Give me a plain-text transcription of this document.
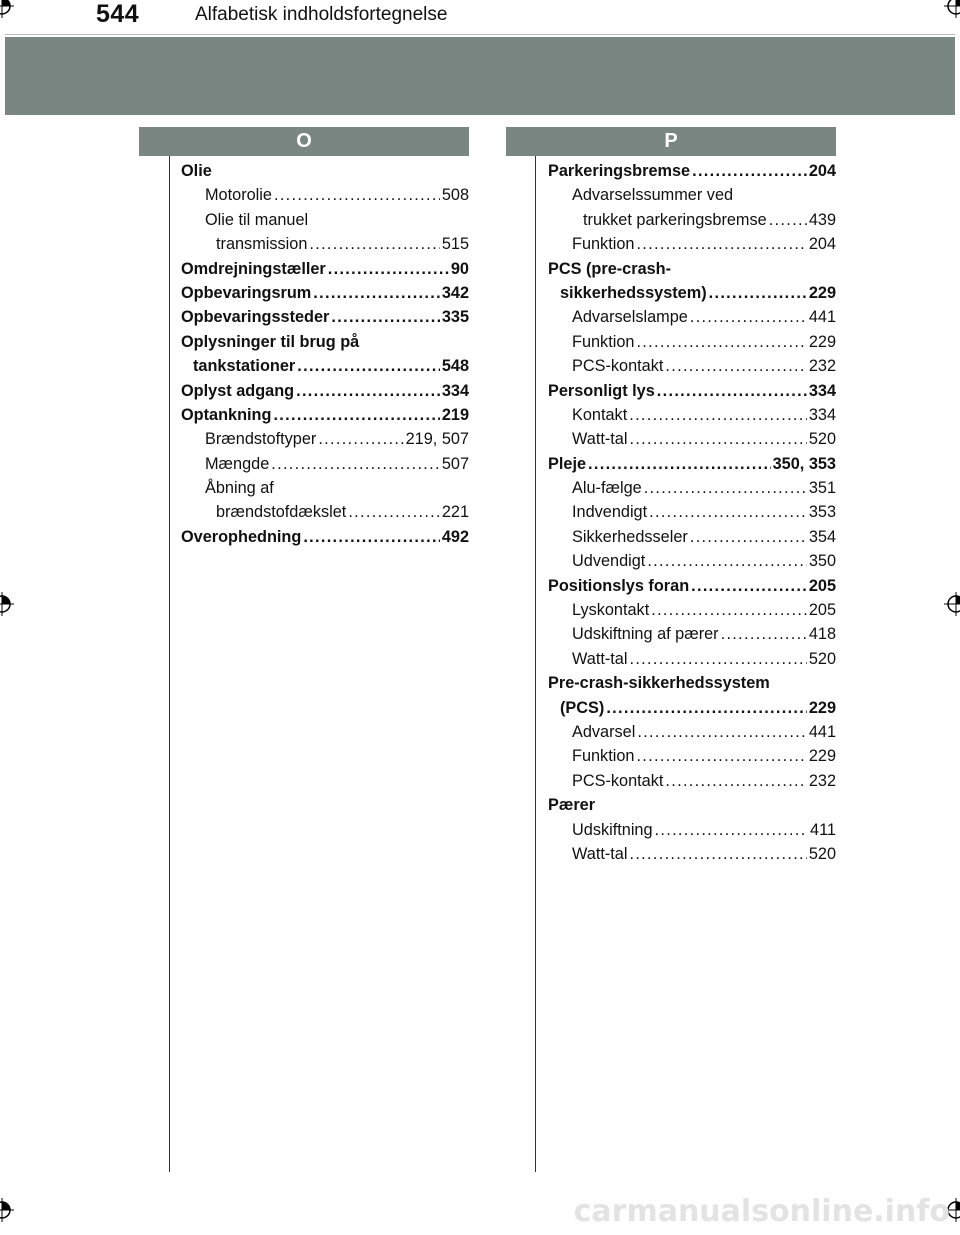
544	Alfabetisk indholdsfortegnelse
O	P
Olie
Motorolie . . .	508
Olie til manuel
transmission . . .	515
Omdrejningstæller . . .	90
Opbevaringsrum . . .	342
Opbevaringssteder . . .	335
Oplysninger til brug på
tankstationer . . .	548
Oplyst adgang . . .	334
Optankning . . .	219
Brændstoftyper . . .	219, 507
Mængde . . .	507
Åbning af
brændstofdækslet . . .	221
Overophedning . . .	492
Parkeringsbremse . . .	204
Advarselssummer ved
trukket parkeringsbremse . . .	439
Funktion . . .	204
PCS (pre-crash-
sikkerhedssystem) . . .	229
Advarselslampe . . .	441
Funktion . . .	229
PCS-kontakt . . .	232
Personligt lys . . .	334
Kontakt . . .	334
Watt-tal . . .	520
Pleje . . .	350, 353
Alu-fælge . . .	351
Indvendigt . . .	353
Sikkerhedsseler . . .	354
Udvendigt . . .	350
Positionslys foran . . .	205
Lyskontakt . . .	205
Udskiftning af pærer . . .	418
Watt-tal . . .	520
Pre-crash-sikkerhedssystem
(PCS) . . .	229
Advarsel . . .	441
Funktion . . .	229
PCS-kontakt . . .	232
Pærer
Udskiftning . . .	411
Watt-tal . . .	520
carmanualsonline.info
